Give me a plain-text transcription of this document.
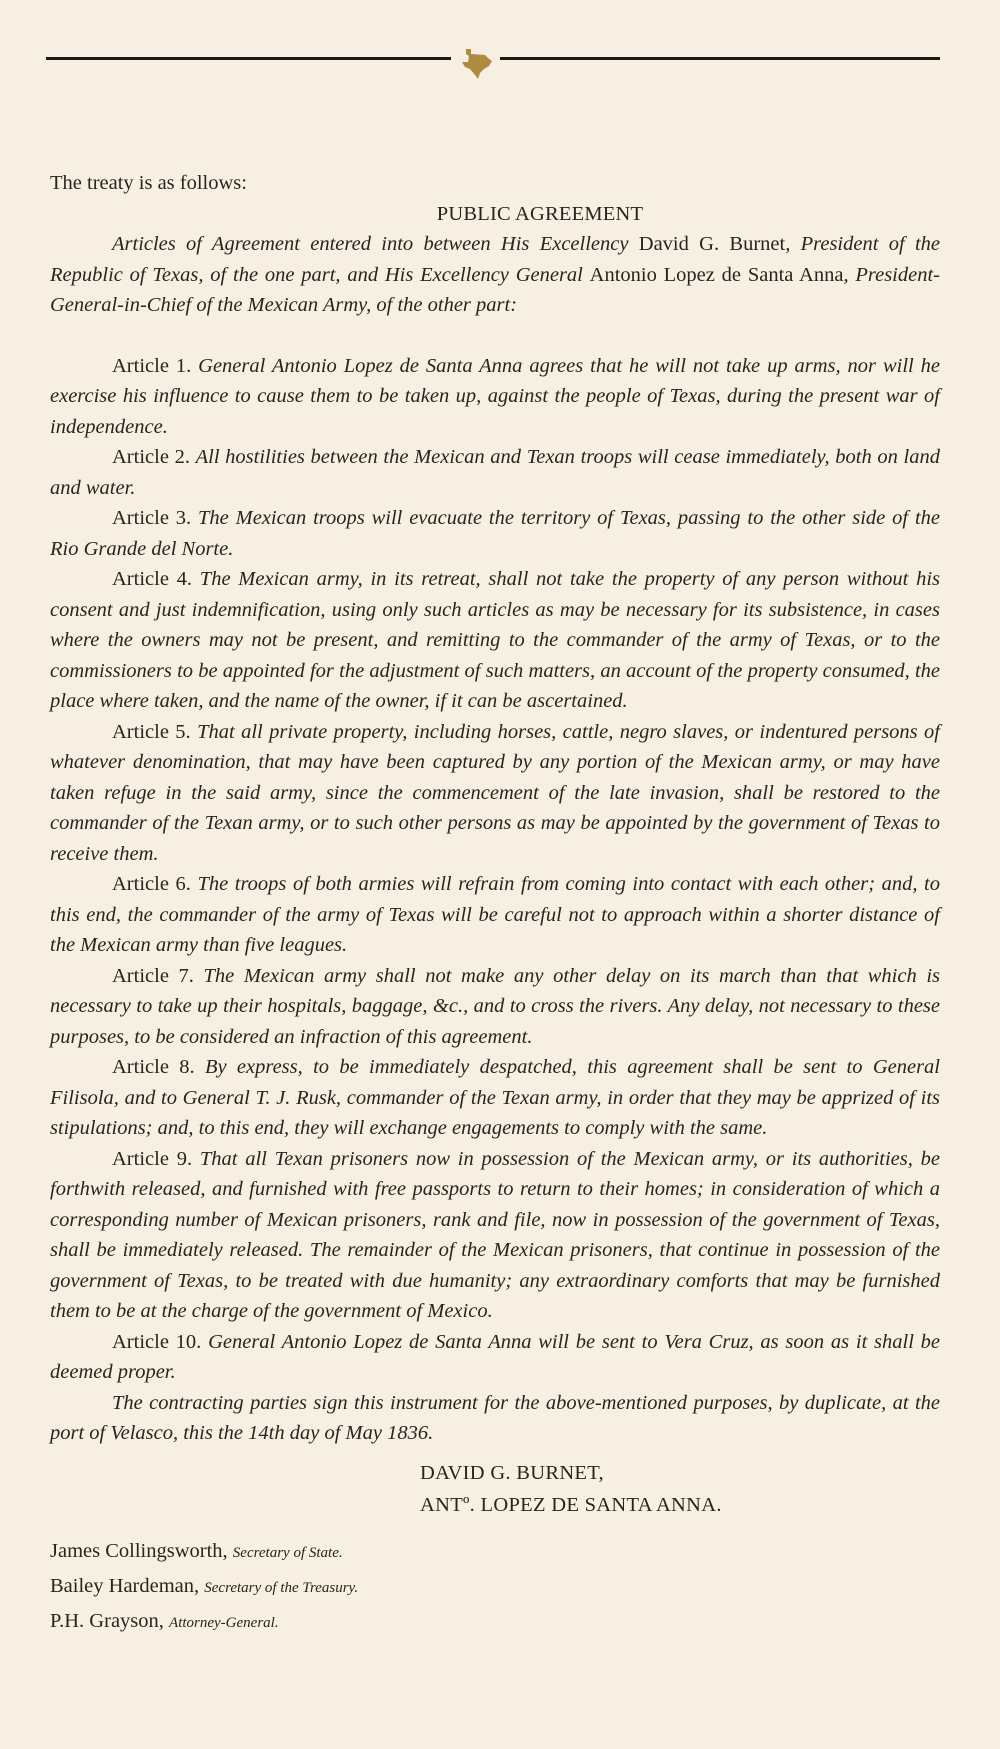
The treaty is as follows:

PUBLIC AGREEMENT

Articles of Agreement entered into between His Excellency David G. Burnet, President of the Republic of Texas, of the one part, and His Excellency General Antonio Lopez de Santa Anna, President-General-in-Chief of the Mexican Army, of the other part:

Article 1. General Antonio Lopez de Santa Anna agrees that he will not take up arms, nor will he exercise his influence to cause them to be taken up, against the people of Texas, during the present war of independence.

Article 2. All hostilities between the Mexican and Texan troops will cease immediately, both on land and water.

Article 3. The Mexican troops will evacuate the territory of Texas, passing to the other side of the Rio Grande del Norte.

Article 4. The Mexican army, in its retreat, shall not take the property of any person without his consent and just indemnification, using only such articles as may be necessary for its subsistence, in cases where the owners may not be present, and remitting to the commander of the army of Texas, or to the commissioners to be appointed for the adjustment of such matters, an account of the property consumed, the place where taken, and the name of the owner, if it can be ascertained.

Article 5. That all private property, including horses, cattle, negro slaves, or indentured persons of whatever denomination, that may have been captured by any portion of the Mexican army, or may have taken refuge in the said army, since the commencement of the late invasion, shall be restored to the commander of the Texan army, or to such other persons as may be appointed by the government of Texas to receive them.

Article 6. The troops of both armies will refrain from coming into contact with each other; and, to this end, the commander of the army of Texas will be careful not to approach within a shorter distance of the Mexican army than five leagues.

Article 7. The Mexican army shall not make any other delay on its march than that which is necessary to take up their hospitals, baggage, &c., and to cross the rivers. Any delay, not necessary to these purposes, to be considered an infraction of this agreement.

Article 8. By express, to be immediately despatched, this agreement shall be sent to General Filisola, and to General T. J. Rusk, commander of the Texan army, in order that they may be apprized of its stipulations; and, to this end, they will exchange engagements to comply with the same.

Article 9. That all Texan prisoners now in possession of the Mexican army, or its authorities, be forthwith released, and furnished with free passports to return to their homes; in consideration of which a corresponding number of Mexican prisoners, rank and file, now in possession of the government of Texas, shall be immediately released. The remainder of the Mexican prisoners, that continue in possession of the government of Texas, to be treated with due humanity; any extraordinary comforts that may be furnished them to be at the charge of the government of Mexico.

Article 10. General Antonio Lopez de Santa Anna will be sent to Vera Cruz, as soon as it shall be deemed proper.

The contracting parties sign this instrument for the above-mentioned purposes, by duplicate, at the port of Velasco, this the 14th day of May 1836.

DAVID G. BURNET,
ANTº. LOPEZ DE SANTA ANNA.
James Collingsworth, Secretary of State.
Bailey Hardeman, Secretary of the Treasury.
P.H. Grayson, Attorney-General.
